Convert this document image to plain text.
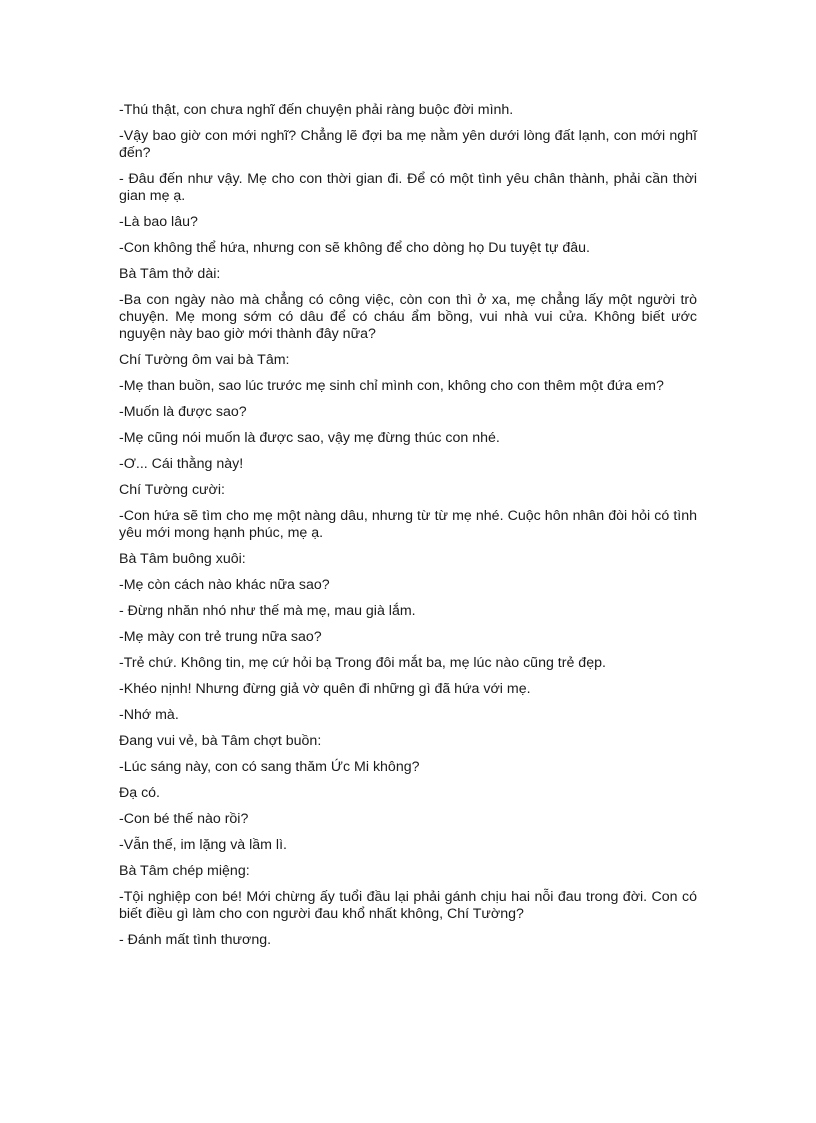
-Thú thật, con chưa nghĩ đến chuyện phải ràng buộc đời mình.

-Vậy bao giờ con mới nghĩ? Chẳng lẽ đợi ba mẹ nằm yên dưới lòng đất lạnh, con mới nghĩ đến?

- Đâu đến như vậy. Mẹ cho con thời gian đi. Để có một tình yêu chân thành, phải cần thời gian mẹ ạ.

-Là bao lâu?

-Con không thể hứa, nhưng con sẽ không để cho dòng họ Du tuyệt tự đâu.

Bà Tâm thở dài:

-Ba con ngày nào mà chẳng có công việc, còn con thì ở xa, mẹ chẳng lấy một người trò chuyện. Mẹ mong sớm có dâu để có cháu ẩm bồng, vui nhà vui cửa. Không biết ước nguyện này bao giờ mới thành đây nữa?

Chí Tường ôm vai bà Tâm:

-Mẹ than buồn, sao lúc trước mẹ sinh chỉ mình con, không cho con thêm một đứa em?

-Muốn là được sao?

-Mẹ cũng nói muốn là được sao, vậy mẹ đừng thúc con nhé.

-Ơ... Cái thằng này!

Chí Tường cười:

-Con hứa sẽ tìm cho mẹ một nàng dâu, nhưng từ từ mẹ nhé. Cuộc hôn nhân đòi hỏi có tình yêu mới mong hạnh phúc, mẹ ạ.

Bà Tâm buông xuôi:

-Mẹ còn cách nào khác nữa sao?

- Đừng nhăn nhó như thế mà mẹ, mau già lắm.

-Mẹ mày con trẻ trung nữa sao?

-Trẻ chứ. Không tin, mẹ cứ hỏi bạ Trong đôi mắt ba, mẹ lúc nào cũng trẻ đẹp.

-Khéo nịnh! Nhưng đừng giả vờ quên đi những gì đã hứa với mẹ.

-Nhớ mà.

Đang vui vẻ, bà Tâm chợt buồn:

-Lúc sáng này, con có sang thăm Ức Mi không?

Đạ có.

-Con bé thế nào rồi?

-Vẫn thế, im lặng và lầm lì.

Bà Tâm chép miệng:

-Tội nghiệp con bé! Mới chừng ấy tuổi đầu lại phải gánh chịu hai nỗi đau trong đời. Con có biết điều gì làm cho con người đau khổ nhất không, Chí Tường?

- Đánh mất tình thương.
